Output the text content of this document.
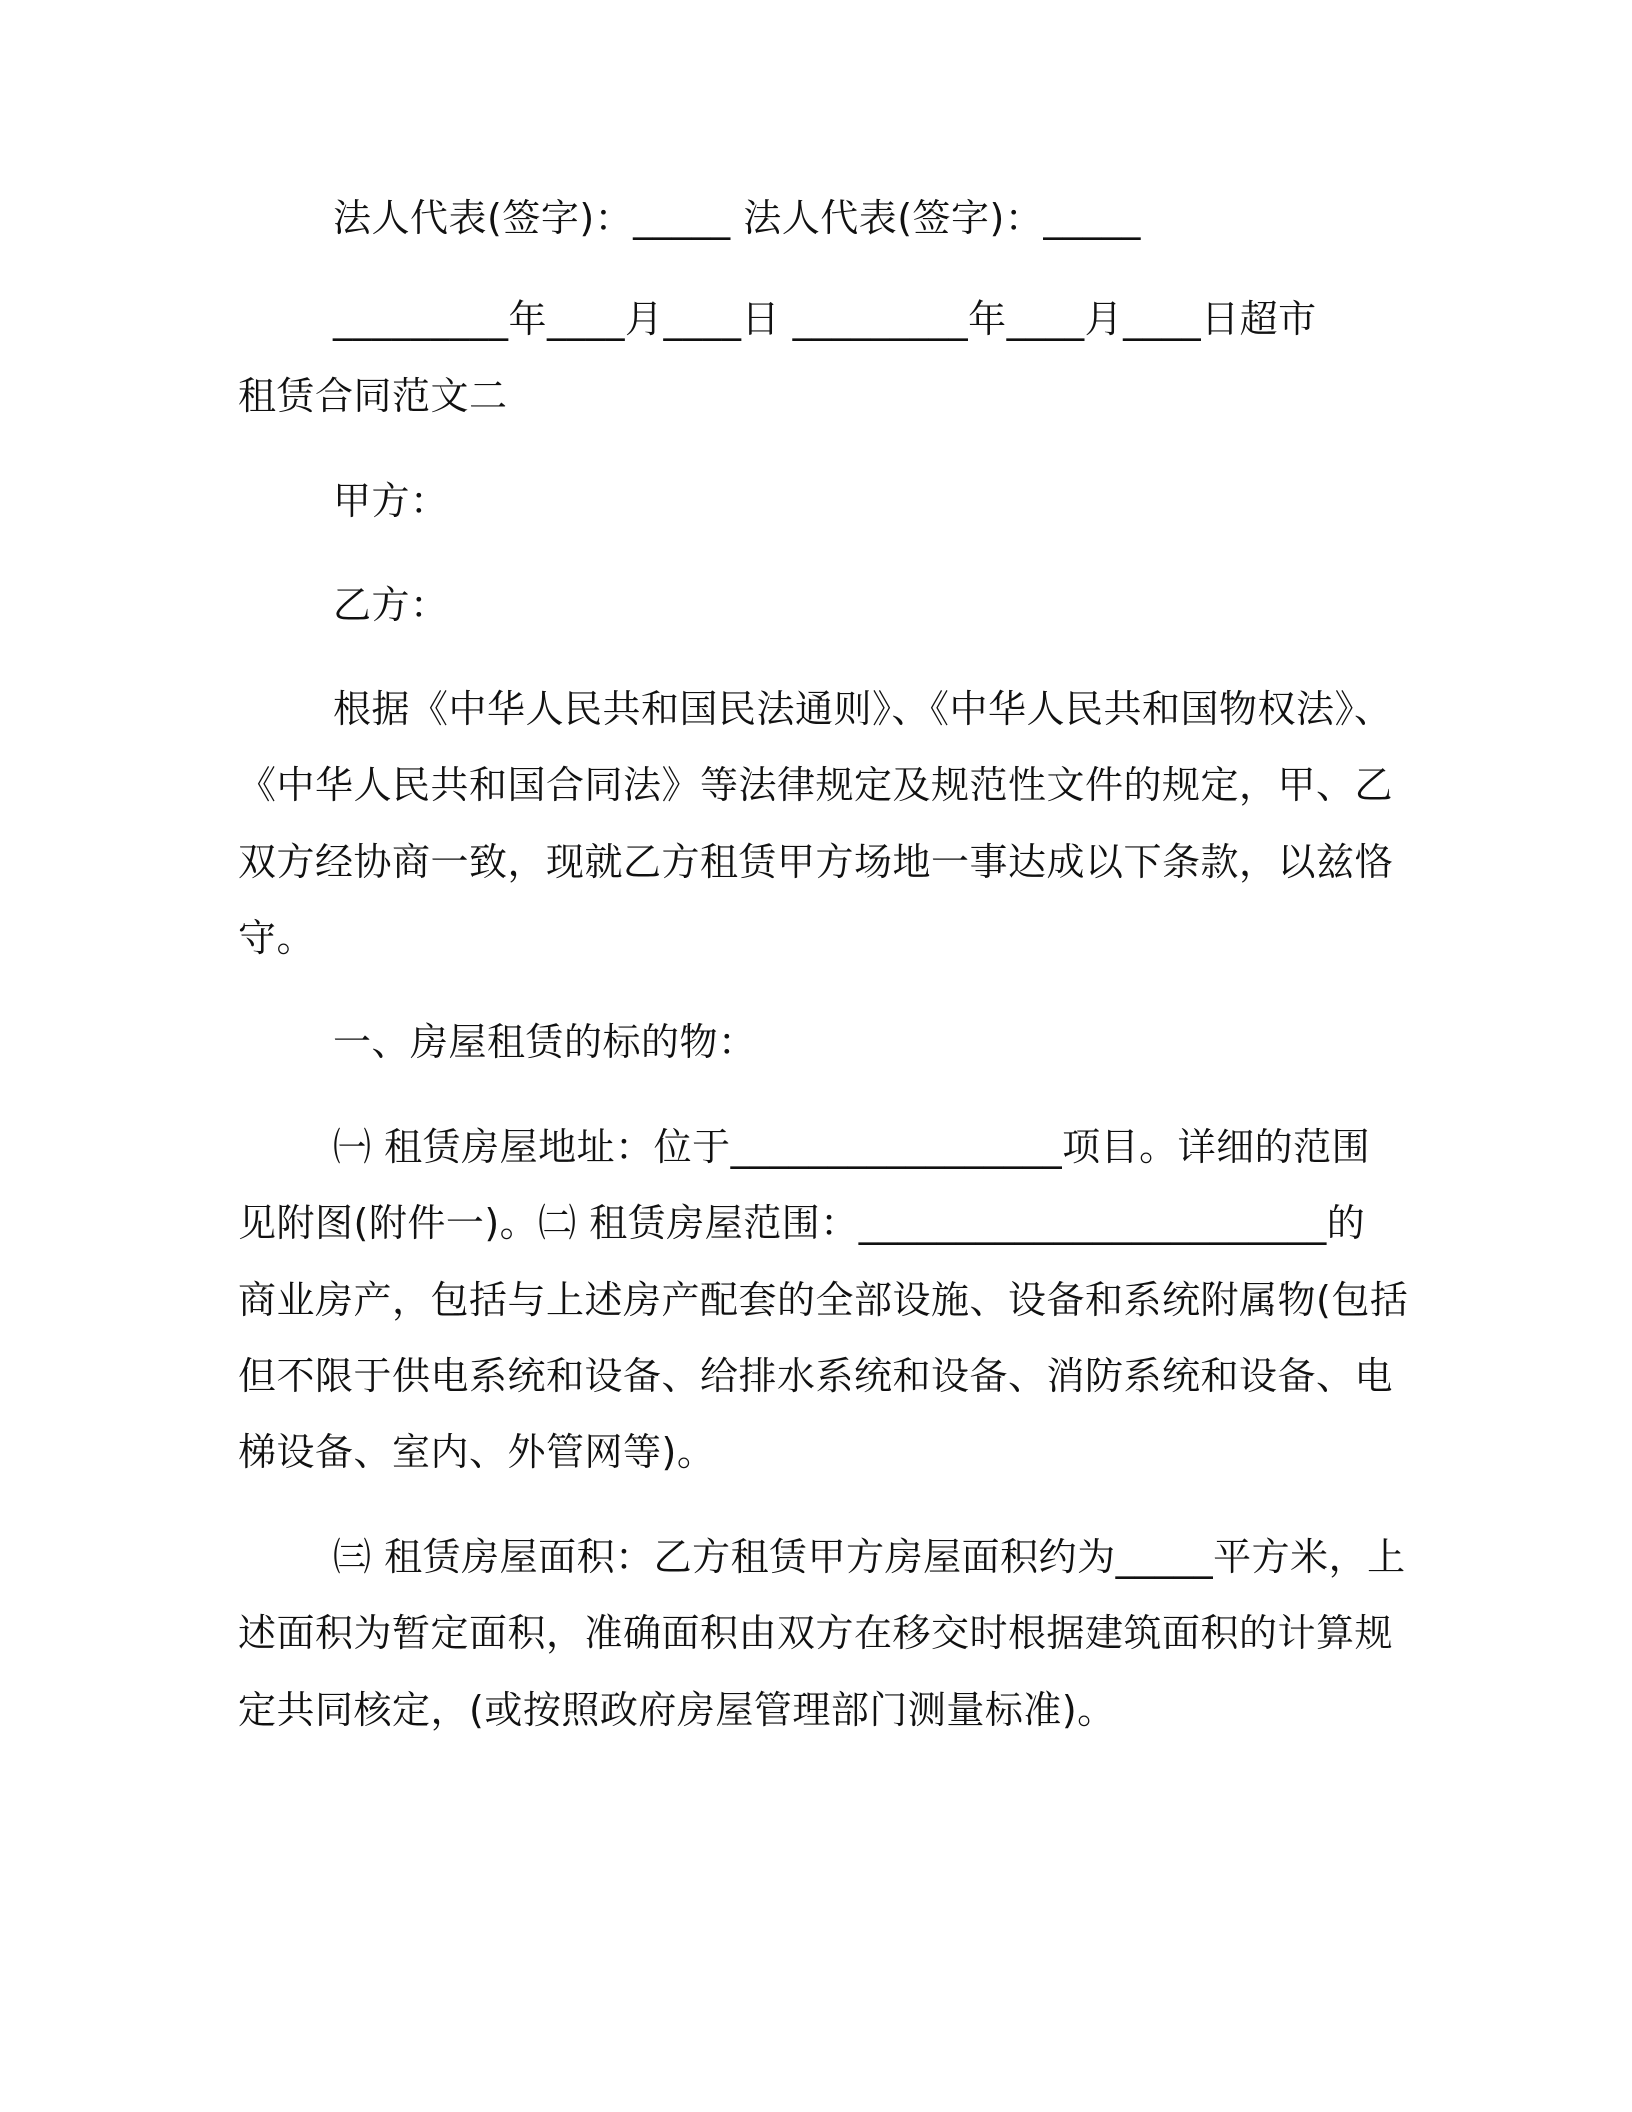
法人代表(签字)：_____ 法人代表(签字)：_____
_________年____月____日 _________年____月____日超市
租赁合同范文二
甲方：
乙方：
根据《中华人民共和国民法通则》、《中华人民共和国物权法》、
《中华人民共和国合同法》等法律规定及规范性文件的规定，甲、乙
双方经协商一致，现就乙方租赁甲方场地一事达成以下条款，以兹恪
守。
一、房屋租赁的标的物：
㈠ 租赁房屋地址：位于_________________项目。详细的范围
见附图(附件一)。㈡ 租赁房屋范围：________________________的
商业房产，包括与上述房产配套的全部设施、设备和系统附属物(包括
但不限于供电系统和设备、给排水系统和设备、消防系统和设备、电
梯设备、室内、外管网等)。
㈢ 租赁房屋面积：乙方租赁甲方房屋面积约为_____平方米，上
述面积为暂定面积，准确面积由双方在移交时根据建筑面积的计算规
定共同核定，(或按照政府房屋管理部门测量标准)。
